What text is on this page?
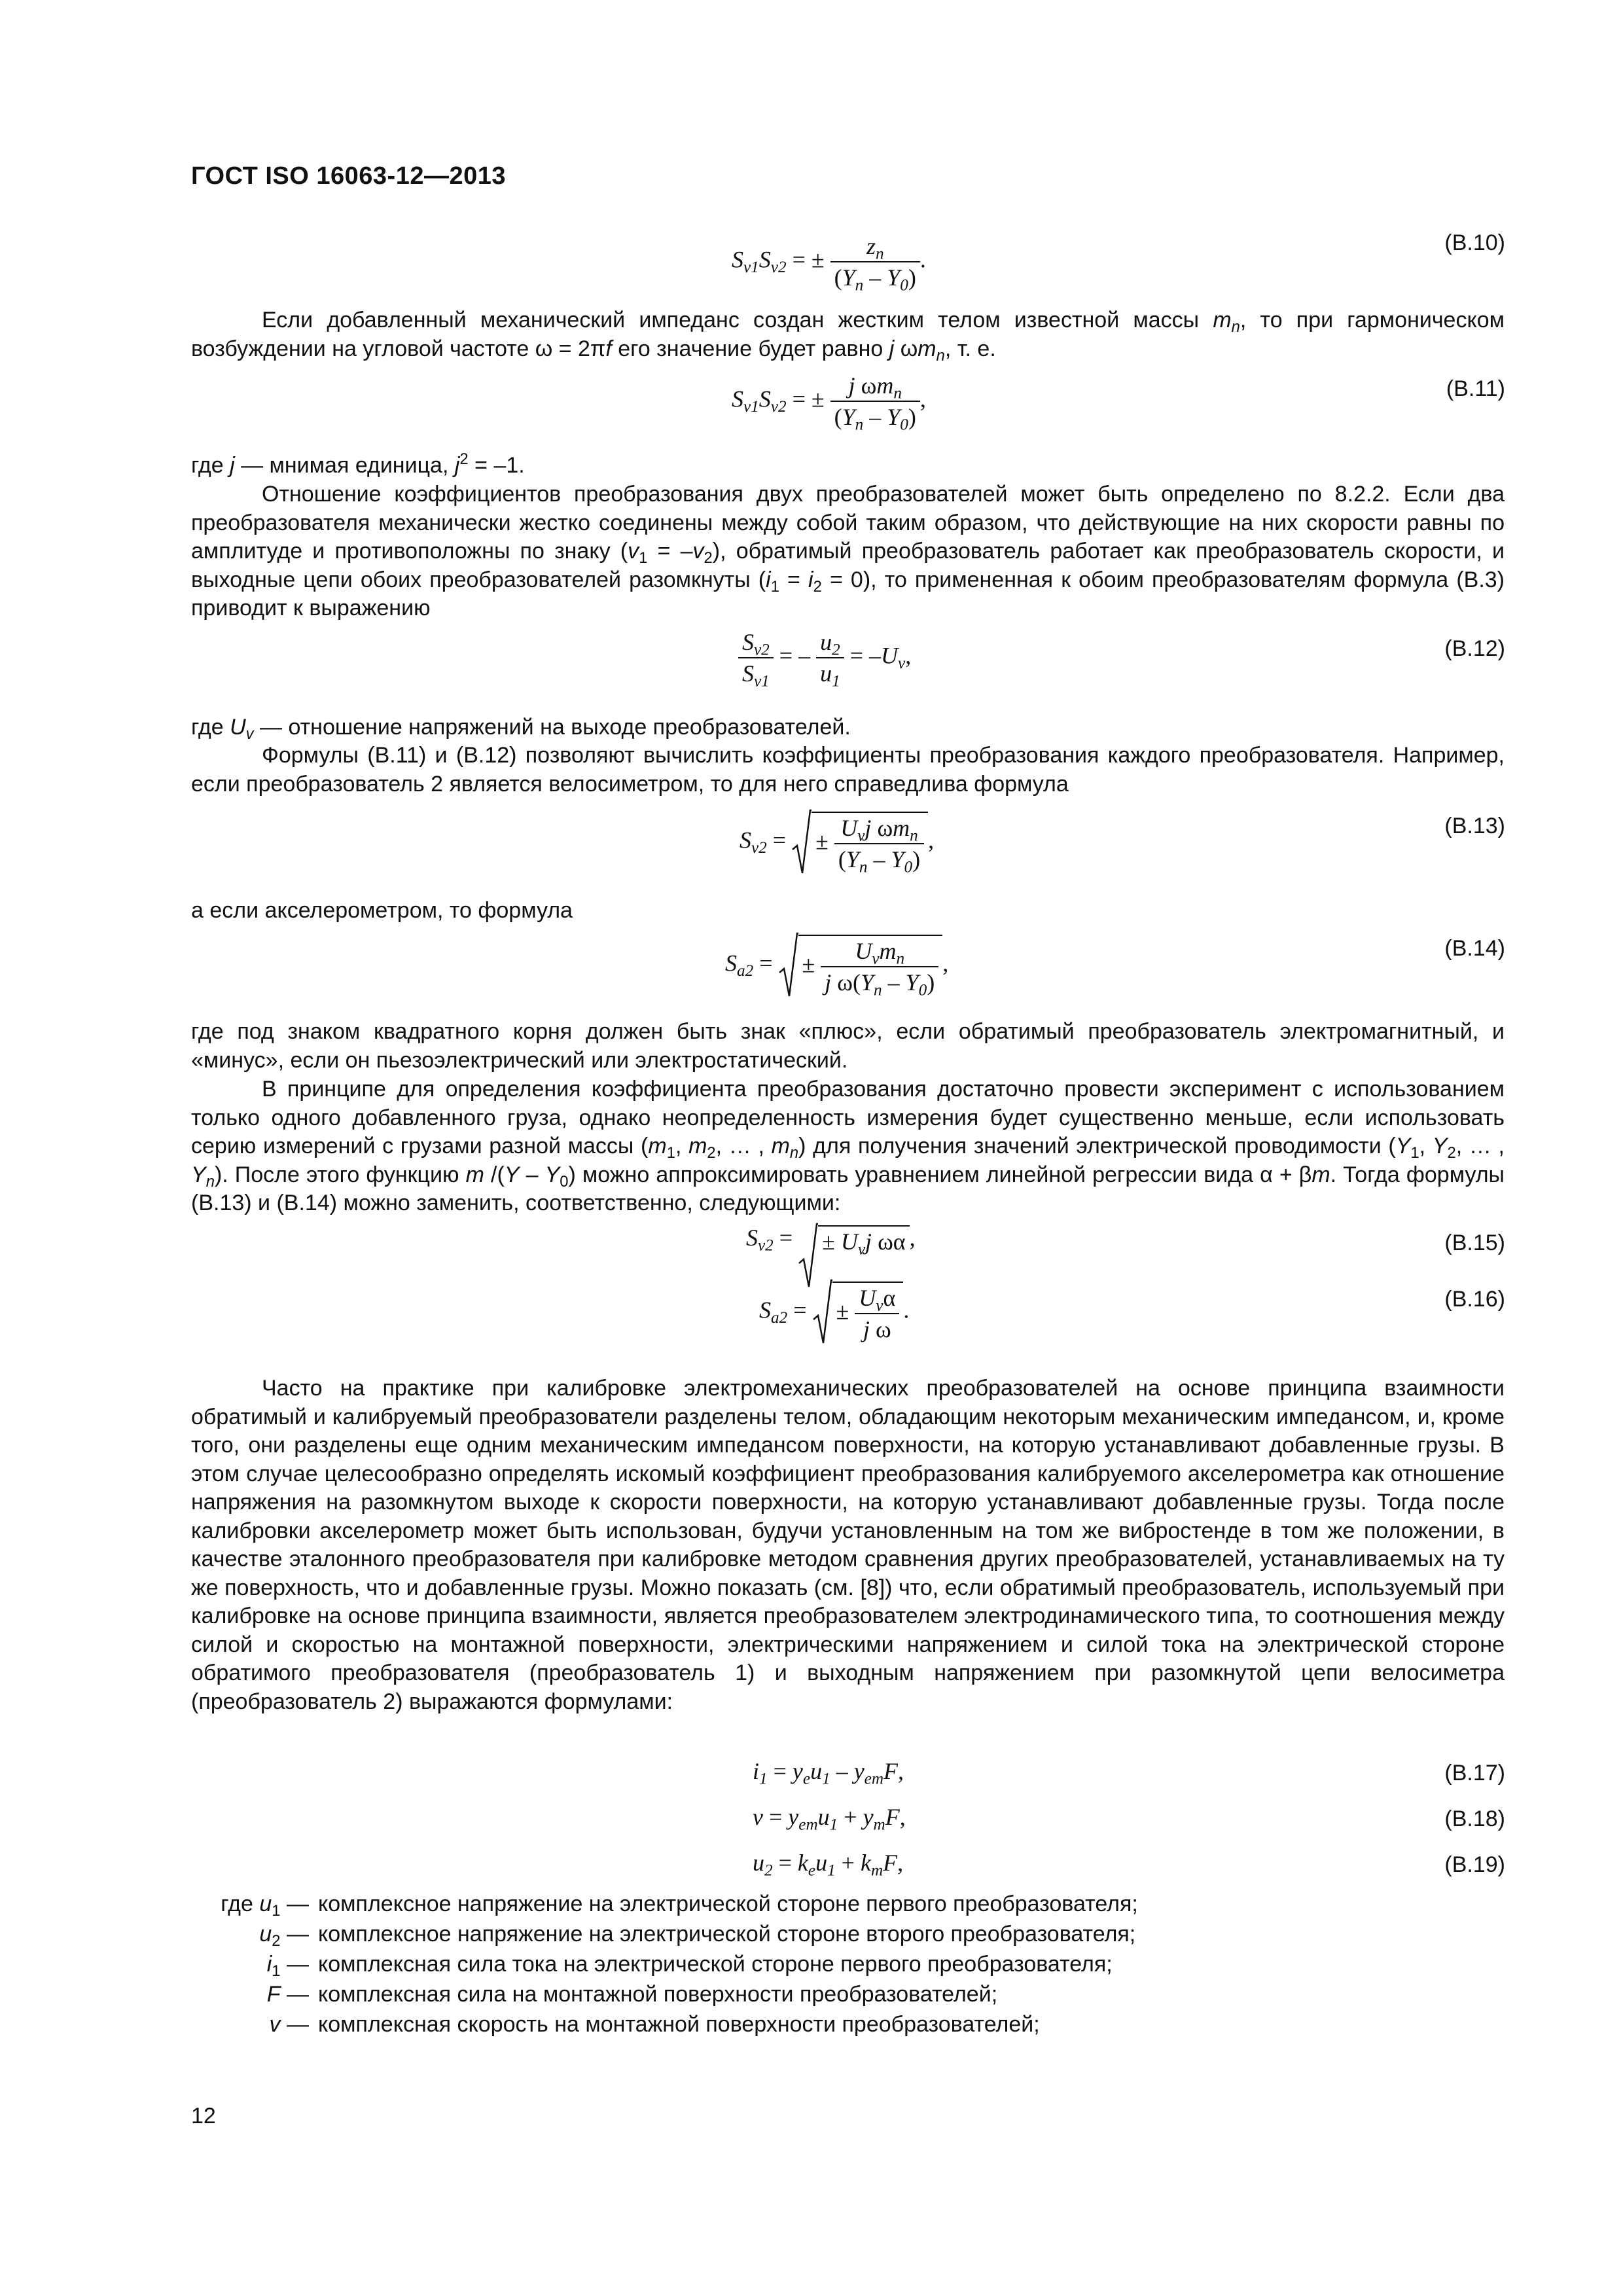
ГОСТ ISO 16063-12—2013
$S_{v1}S_{v2}$ = ± $\frac{z_n}{(Y_n - Y_0)}$ .
(В.10)
Если добавленный механический импеданс создан жестким телом известной массы $m_n$, то при гармоническом возбуждении на угловой частоте ω = 2πf его значение будет равно j $\omega m_n$, т. е.
$S_{v1}S_{v2}$ = ± $\frac{j \omega m_n}{(Y_n - Y_0)}$ ,	(В.11)
где j — мнимая единица, $j^2 = -1$.
Отношение коэффициентов преобразования двух преобразователей может быть определено по 8.2.2. Если два преобразователя механически жестко соединены между собой таким образом, что действующие на них скорости равны по амплитуде и противоположны по знаку $(v_1 = -v_2)$, обратимый преобразователь работает как преобразователь скорости, и выходные цепи обоих преобразователей разомкнуты $(i_1 = i_2 = 0)$, то примененная к обоим преобразователям формула (В.3) приводит к выражению
$\frac{S_{v2}}{S_{v1}}$ = – $\frac{u_2}{u_1} = -U_v$,	(В.12)
где $U_v$ — отношение напряжений на выходе преобразователей.
Формулы (В.11) и (В.12) позволяют вычислить коэффициенты преобразования каждого преобразователя. Например, если преобразователь 2 является велосиметром, то для него справедлива формула
$S_{v2}$ = ± $\frac{U_vj \omega m_n}{(Y_n - Y_0)}$ ,
(В.13)
а если акселерометром, то формула
$S_{a2}$ = ± $\frac{U_vm_n}{j \omega(Y_n - Y_0)}$ ,
(В.14)
где под знаком квадратного корня должен быть знак «плюс», если обратимый преобразователь электромагнитный, и «минус», если он пьезоэлектрический или электростатический.
В принципе для определения коэффициента преобразования достаточно провести эксперимент с использованием только одного добавленного груза, однако неопределенность измерения будет существенно меньше, если использовать серию измерений с грузами разной массы ($m_1$, $m_2$, … , $m_n$) для получения значений электрической проводимости ($Y_1$, $Y_2$, … , $Y_n$). После этого функцию m $/(Y - Y_0)$ можно аппроксимировать уравнением линейной регрессии вида α + βm. Тогда формулы (В.13) и (В.14) можно заменить, соответственно, следующими:
$S_{v2}$ = ± $U_vj$ ωα ,	(В.15)
$S_{a2}$ = ± $\frac{U_v\alpha}{\text{j ω}}$ .	(В.16)
Часто на практике при калибровке электромеханических преобразователей на основе принципа взаимности обратимый и калибруемый преобразователи разделены телом, обладающим некоторым механическим импедансом, и, кроме того, они разделены еще одним механическим импедансом поверхности, на которую устанавливают добавленные грузы. В этом случае целесообразно определять искомый коэффициент преобразования калибруемого акселерометра как отношение напряжения на разомкнутом выходе к скорости поверхности, на которую устанавливают добавленные грузы. Тогда после калибровки акселерометр может быть использован, будучи установленным на том же вибростенде в том же положении, в качестве эталонного преобразователя при калибровке методом сравнения других преобразователей, устанавливаемых на ту же поверхность, что и добавленные грузы. Можно показать (см. [8]) что, если обратимый преобразователь, используемый при калибровке на основе принципа взаимности, является преобразователем электродинамического типа, то соотношения между силой и скоростью на монтажной поверхности, электрическими напряжением и силой тока на электрической стороне обратимого преобразователя (преобразователь 1) и выходным напряжением при разомкнутой цепи велосиметра (преобразователь 2) выражаются формулами:
$i_1 = y_eu_1 - y_{em}F$,	(В.17)
$v = y_{em}u_1 + y_mF$,	(В.18)
$u_2 = k_eu_1 + k_mF$,	(В.19)
где $u_1$ — комплексное напряжение на электрической стороне первого преобразователя;
$u_2$ — комплексное напряжение на электрической стороне второго преобразователя;
$i_1$ — комплексная сила тока на электрической стороне первого преобразователя;
F — комплексная сила на монтажной поверхности преобразователей;
v — комплексная скорость на монтажной поверхности преобразователей;
12
